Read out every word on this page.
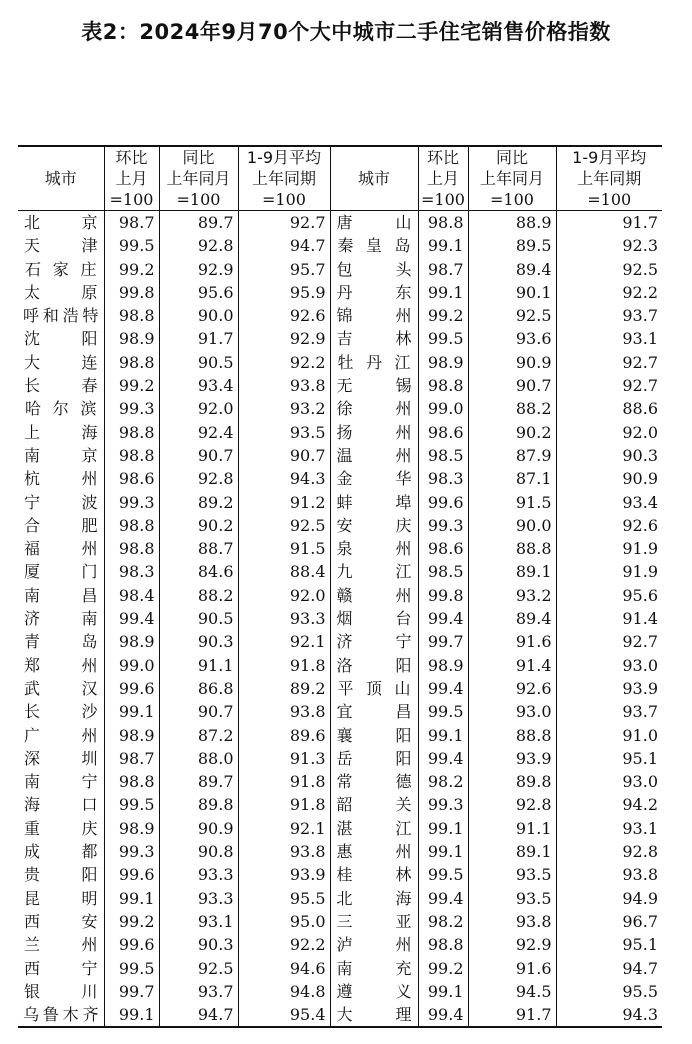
表2：2024年9月70个大中城市二手住宅销售价格指数
城市	环比	同比	1-9月平均	城市	环比	同比	1-9月平均
	上月	上年同月	上年同期		上月	上年同月	上年同期
	=100	=100	=100		=100	=100	=100

北京	98.7	89.7	92.7	唐山	98.8	88.9	91.7

天津	99.5	92.8	94.7	秦皇岛	99.1	89.5	92.3

石家庄	99.2	92.9	95.7	包头	98.7	89.4	92.5

太原	99.8	95.6	95.9	丹东	99.1	90.1	92.2

呼和浩特	98.8	90.0	92.6	锦州	99.2	92.5	93.7

沈阳	98.9	91.7	92.9	吉林	99.5	93.6	93.1

大连	98.8	90.5	92.2	牡丹江	98.9	90.9	92.7

长春	99.2	93.4	93.8	无锡	98.8	90.7	92.7

哈尔滨	99.3	92.0	93.2	徐州	99.0	88.2	88.6

上海	98.8	92.4	93.5	扬州	98.6	90.2	92.0

南京	98.8	90.7	90.7	温州	98.5	87.9	90.3

杭州	98.6	92.8	94.3	金华	98.3	87.1	90.9

宁波	99.3	89.2	91.2	蚌埠	99.6	91.5	93.4

合肥	98.8	90.2	92.5	安庆	99.3	90.0	92.6

福州	98.8	88.7	91.5	泉州	98.6	88.8	91.9

厦门	98.3	84.6	88.4	九江	98.5	89.1	91.9

南昌	98.4	88.2	92.0	赣州	99.8	93.2	95.6

济南	99.4	90.5	93.3	烟台	99.4	89.4	91.4

青岛	98.9	90.3	92.1	济宁	99.7	91.6	92.7

郑州	99.0	91.1	91.8	洛阳	98.9	91.4	93.0

武汉	99.6	86.8	89.2	平顶山	99.4	92.6	93.9

长沙	99.1	90.7	93.8	宜昌	99.5	93.0	93.7

广州	98.9	87.2	89.6	襄阳	99.1	88.8	91.0

深圳	98.7	88.0	91.3	岳阳	99.4	93.9	95.1

南宁	98.8	89.7	91.8	常德	98.2	89.8	93.0

海口	99.5	89.8	91.8	韶关	99.3	92.8	94.2

重庆	98.9	90.9	92.1	湛江	99.1	91.1	93.1

成都	99.3	90.8	93.8	惠州	99.1	89.1	92.8

贵阳	99.6	93.3	93.9	桂林	99.5	93.5	93.8

昆明	99.1	93.3	95.5	北海	99.4	93.5	94.9

西安	99.2	93.1	95.0	三亚	98.2	93.8	96.7

兰州	99.6	90.3	92.2	泸州	98.8	92.9	95.1

西宁	99.5	92.5	94.6	南充	99.2	91.6	94.7

银川	99.7	93.7	94.8	遵义	99.1	94.5	95.5

乌鲁木齐	99.1	94.7	95.4	大理	99.4	91.7	94.3
